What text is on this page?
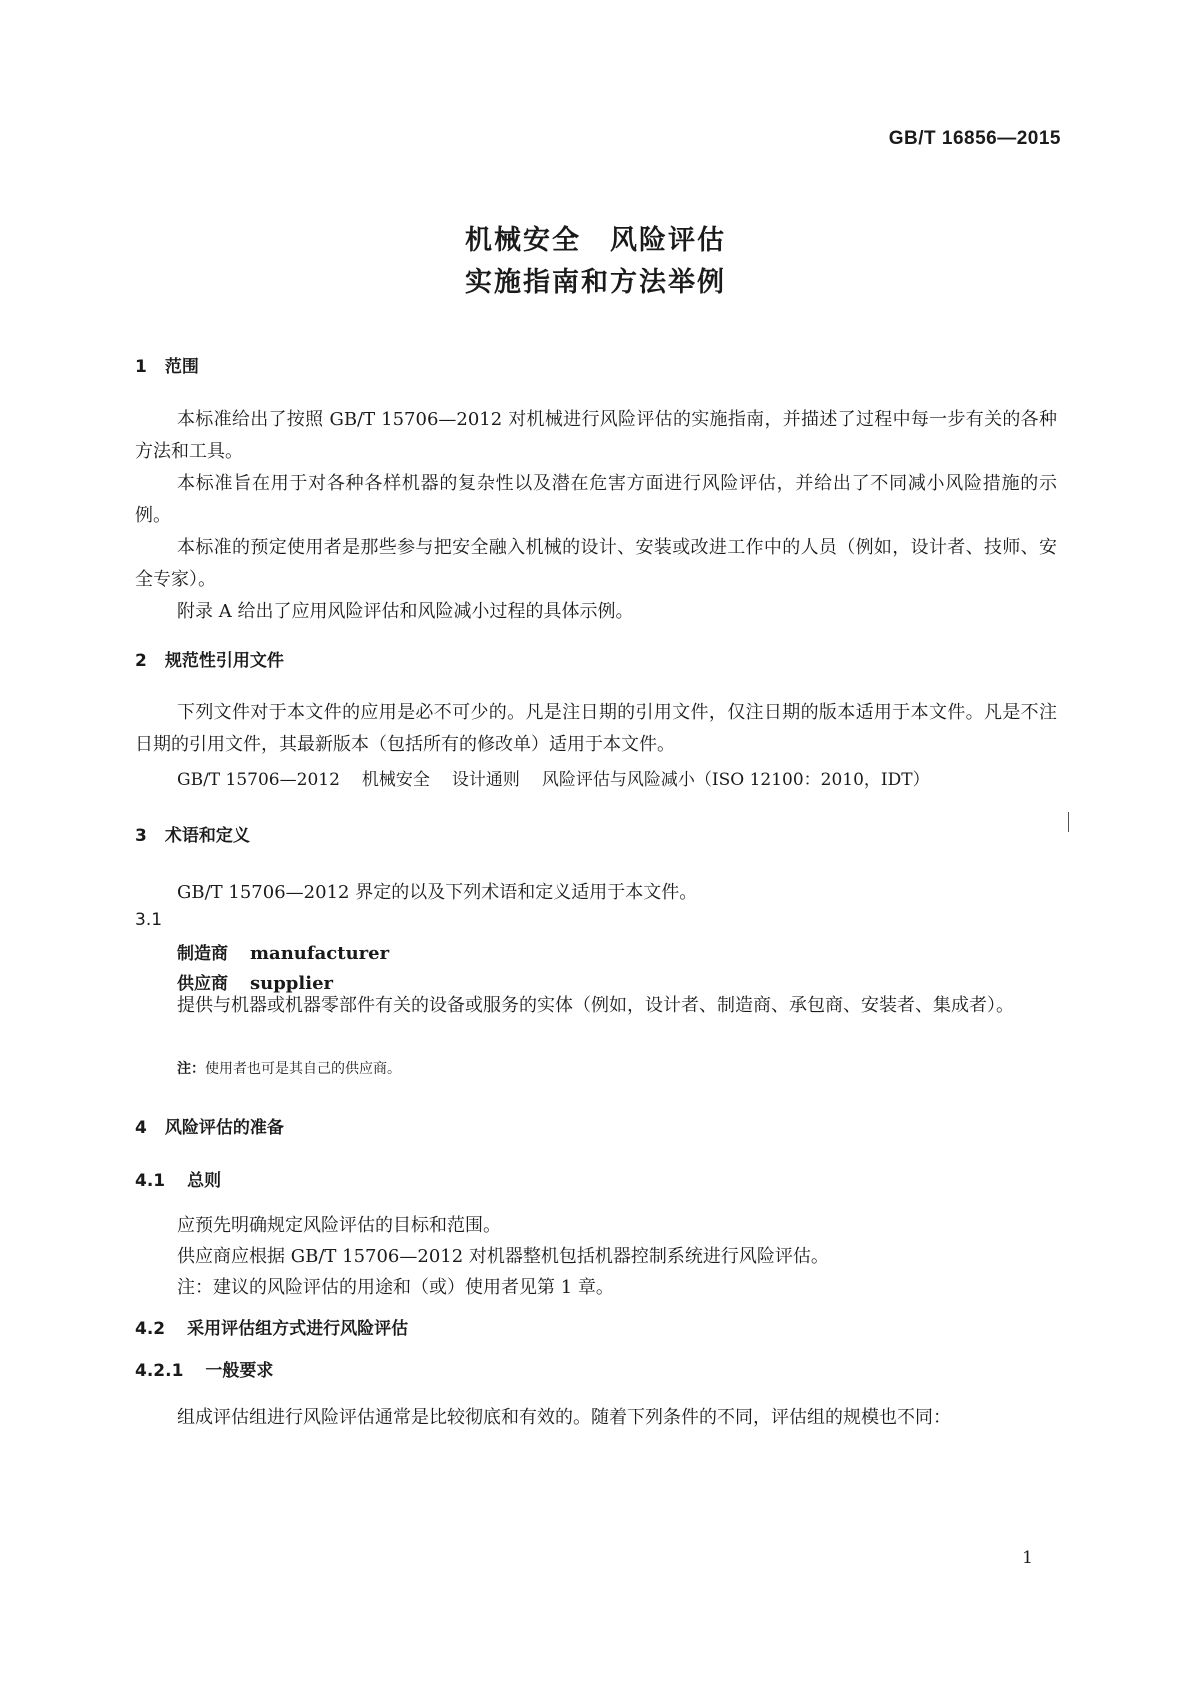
GB/T 16856—2015
机械安全　风险评估
实施指南和方法举例
1 范围

本标准给出了按照 GB/T 15706—2012 对机械进行风险评估的实施指南，并描述了过程中每一步有关的各种方法和工具。

本标准旨在用于对各种各样机器的复杂性以及潜在危害方面进行风险评估，并给出了不同减小风险措施的示例。

本标准的预定使用者是那些参与把安全融入机械的设计、安装或改进工作中的人员（例如，设计者、技师、安全专家）。

附录 A 给出了应用风险评估和风险减小过程的具体示例。

2 规范性引用文件

下列文件对于本文件的应用是必不可少的。凡是注日期的引用文件，仅注日期的版本适用于本文件。凡是不注日期的引用文件，其最新版本（包括所有的修改单）适用于本文件。

GB/T 15706—2012 机械安全 设计通则 风险评估与风险减小（ISO 12100：2010，IDT）
3 术语和定义
GB/T 15706—2012 界定的以及下列术语和定义适用于本文件。
3.1
制造商 manufacturer
供应商 supplier

提供与机器或机器零部件有关的设备或服务的实体（例如，设计者、制造商、承包商、安装者、集成者）。

注：使用者也可是其自己的供应商。
4 风险评估的准备
4.1 总则
应预先明确规定风险评估的目标和范围。
供应商应根据 GB/T 15706—2012 对机器整机包括机器控制系统进行风险评估。
注：建议的风险评估的用途和（或）使用者见第 1 章。
4.2 采用评估组方式进行风险评估
4.2.1 一般要求
组成评估组进行风险评估通常是比较彻底和有效的。随着下列条件的不同，评估组的规模也不同：
1
